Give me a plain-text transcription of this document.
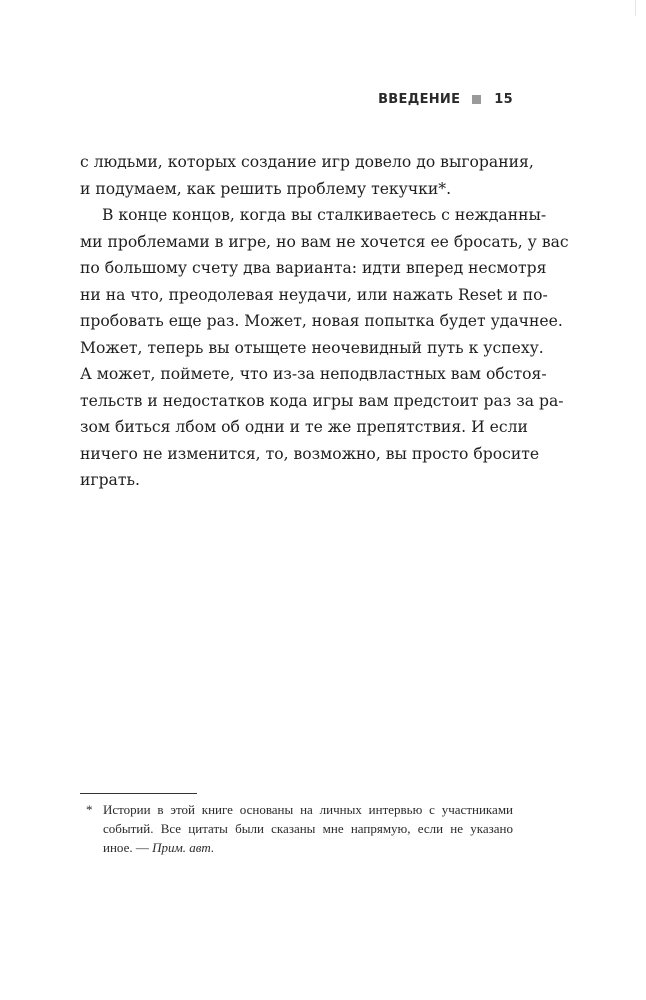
ВВЕДЕНИЕ	15
с людьми, которых создание игр довело до выгорания,
и подумаем, как решить проблему текучки*.
В конце концов, когда вы сталкиваетесь с нежданны-
ми проблемами в игре, но вам не хочется ее бросать, у вас
по большому счету два варианта: идти вперед несмотря
ни на что, преодолевая неудачи, или нажать Reset и по-
пробовать еще раз. Может, новая попытка будет удачнее.
Может, теперь вы отыщете неочевидный путь к успеху.
А может, поймете, что из-за неподвластных вам обстоя-
тельств и недостатков кода игры вам предстоит раз за ра-
зом биться лбом об одни и те же препятствия. И если
ничего не изменится, то, возможно, вы просто бросите
играть.
* Истории в этой книге основаны на личных интервью с участниками
событий. Все цитаты были сказаны мне напрямую, если не указано
иное. — Прим. авт.
